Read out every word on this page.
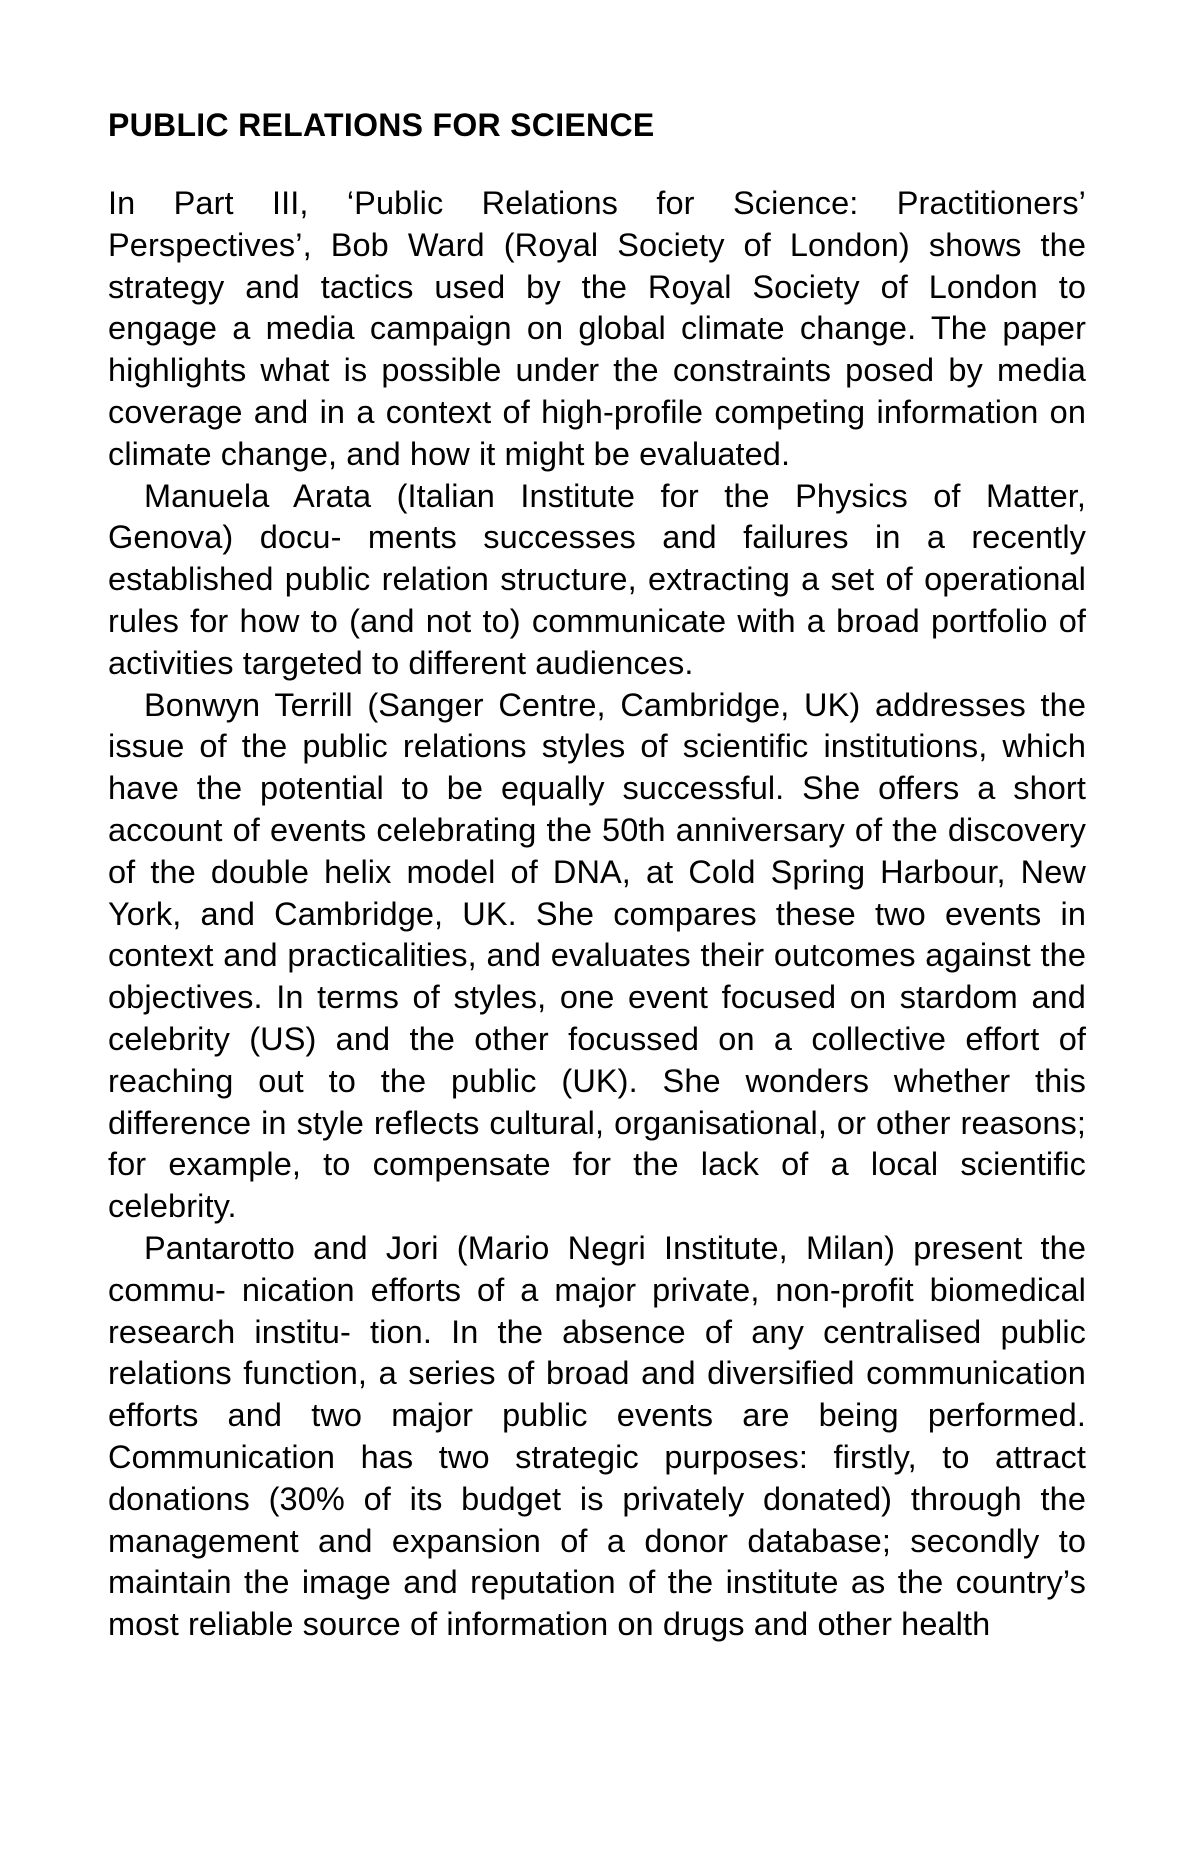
PUBLIC RELATIONS FOR SCIENCE

In Part III, ‘Public Relations for Science: Practitioners’ Perspectives’, Bob Ward (Royal Society of London) shows the strategy and tactics used by the Royal Society of London to engage a media campaign on global climate change. The paper highlights what is possible under the constraints posed by media coverage and in a context of high-profile competing information on climate change, and how it might be evaluated.

Manuela Arata (Italian Institute for the Physics of Matter, Genova) docu- ments successes and failures in a recently established public relation structure, extracting a set of operational rules for how to (and not to) communicate with a broad portfolio of activities targeted to different audiences.

Bonwyn Terrill (Sanger Centre, Cambridge, UK) addresses the issue of the public relations styles of scientific institutions, which have the potential to be equally successful. She offers a short account of events celebrating the 50th anniversary of the discovery of the double helix model of DNA, at Cold Spring Harbour, New York, and Cambridge, UK. She compares these two events in context and practicalities, and evaluates their outcomes against the objectives. In terms of styles, one event focused on stardom and celebrity (US) and the other focussed on a collective effort of reaching out to the public (UK). She wonders whether this difference in style reflects cultural, organisational, or other reasons; for example, to compensate for the lack of a local scientific celebrity.

Pantarotto and Jori (Mario Negri Institute, Milan) present the commu- nication efforts of a major private, non-profit biomedical research institu- tion. In the absence of any centralised public relations function, a series of broad and diversified communication efforts and two major public events are being performed. Communication has two strategic purposes: firstly, to attract donations (30% of its budget is privately donated) through the management and expansion of a donor database; secondly to maintain the image and reputation of the institute as the country’s most reliable source of information on drugs and other health
